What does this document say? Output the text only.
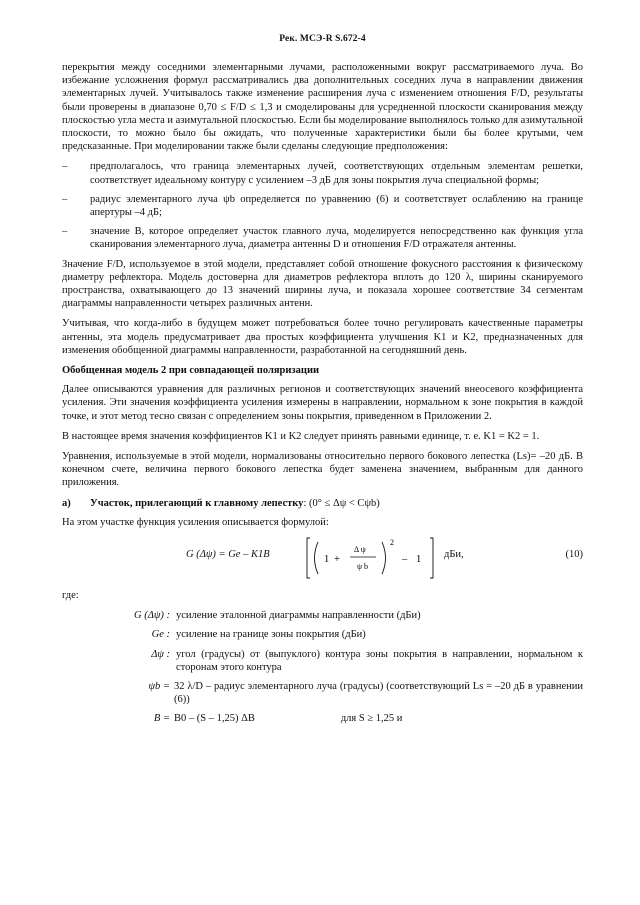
Рек. МСЭ-R S.672-4

перекрытия между соседними элементарными лучами, расположенными вокруг рассматриваемого луча. Во избежание усложнения формул рассматривались два дополнительных соседних луча в направлении движения элементарных лучей. Учитывалось также изменение расширения луча с изменением отношения F/D, результаты были проверены в диапазоне 0,70 ≤ F/D ≤ 1,3 и смоделированы для усредненной плоскости сканирования между плоскостью угла места и азимутальной плоскостью. Если бы моделирование выполнялось только для азимутальной плоскости, то можно было бы ожидать, что полученные характеристики были бы более крутыми, чем предсказанные. При моделировании также были сделаны следующие предположения:

–	предполагалось, что граница элементарных лучей, соответствующих отдельным элементам решетки, соответствует идеальному контуру с усилением –3 дБ для зоны покрытия луча специальной формы;
–	радиус элементарного луча ψb определяется по уравнению (6) и соответствует ослаблению на границе апертуры –4 дБ;
–	значение B, которое определяет участок главного луча, моделируется непосредственно как функция угла сканирования элементарного луча, диаметра антенны D и отношения F/D отражателя антенны.

Значение F/D, используемое в этой модели, представляет собой отношение фокусного расстояния к физическому диаметру рефлектора. Модель достоверна для диаметров рефлектора вплоть до 120 λ, ширины сканируемого пространства, охватывающего до 13 значений ширины луча, и показала хорошее соответствие 34 сегментам диаграммы направленности четырех различных антенн.

Учитывая, что когда-либо в будущем может потребоваться более точно регулировать качественные параметры антенны, эта модель предусматривает два простых коэффициента улучшения K1 и K2, предназначенных для изменения обобщенной диаграммы направленности, разработанной на сегодняшний день.

Обобщенная модель 2 при совпадающей поляризации

Далее описываются уравнения для различных регионов и соответствующих значений внеосевого коэффициента усиления. Эти значения коэффициента усиления измерены в направлении, нормальном к зоне покрытия в каждой точке, и этот метод тесно связан с определением зоны покрытия, приведенном в Приложении 2.

В настоящее время значения коэффициентов K1 и K2 следует принять равными единице, т. е. K1 = K2 = 1.

Уравнения, используемые в этой модели, нормализованы относительно первого бокового лепестка (Ls)= –20 дБ. В конечном счете, величина первого бокового лепестка будет заменена значением, выбранным для данного приложения.

a)	Участок, прилегающий к главному лепестку: (0° ≤ Δψ < Cψb)

На этом участке функция усиления описывается формулой:

G (Δψ) = Ge – K1B	1 +
Δ ψ
ψ b
2
– 1 дБи,	(10)
где:
G (Δψ) : усиление эталонной диаграммы направленности (дБи)
Ge : усиление на границе зоны покрытия (дБи)
Δψ : угол (градусы) от (выпуклого) контура зоны покрытия в направлении, нормальном к сторонам этого контура
ψb = 32 λ/D – радиус элементарного луча (градусы) (соответствующий Ls = –20 дБ в уравнении (6))
B = B0 – (S – 1,25) ΔB	для S ≥ 1,25 и
